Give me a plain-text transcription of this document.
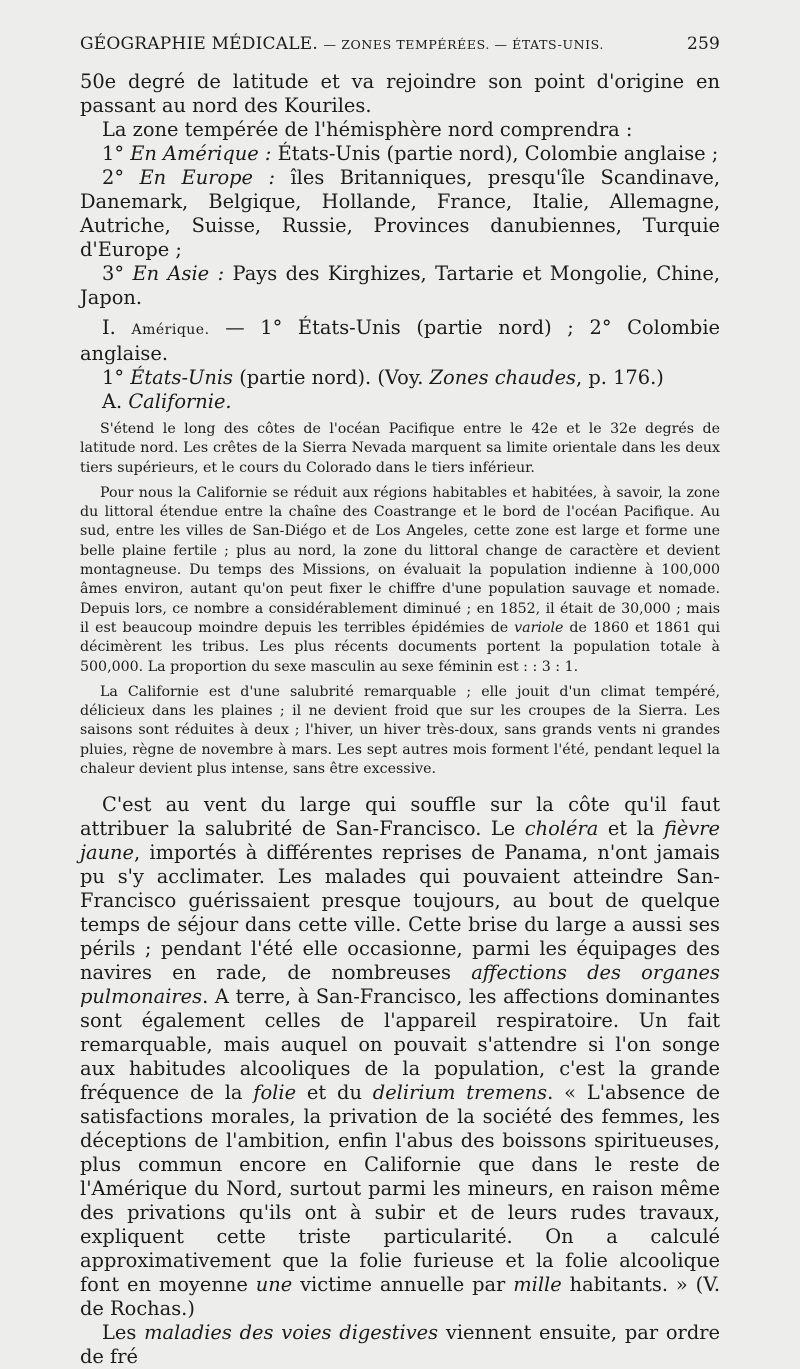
GÉOGRAPHIE MÉDICALE. — ZONES TEMPÉRÉES. — ÉTATS-UNIS.	259

50e degré de latitude et va rejoindre son point d'origine en passant au nord des Kouriles.

La zone tempérée de l'hémisphère nord comprendra :

1° En Amérique : États-Unis (partie nord), Colombie anglaise ;

2° En Europe : îles Britanniques, presqu'île Scandinave, Danemark, Belgique, Hollande, France, Italie, Allemagne, Autriche, Suisse, Russie, Provinces danubiennes, Turquie d'Europe ;

3° En Asie : Pays des Kirghizes, Tartarie et Mongolie, Chine, Japon.

I. Amérique. — 1° États-Unis (partie nord) ; 2° Colombie anglaise.

1° États-Unis (partie nord). (Voy. Zones chaudes, p. 176.)

A. Californie.

S'étend le long des côtes de l'océan Pacifique entre le 42e et le 32e degrés de latitude nord. Les crêtes de la Sierra Nevada marquent sa limite orientale dans les deux tiers supérieurs, et le cours du Colorado dans le tiers inférieur.

Pour nous la Californie se réduit aux régions habitables et habitées, à savoir, la zone du littoral étendue entre la chaîne des Coastrange et le bord de l'océan Pacifique. Au sud, entre les villes de San-Diégo et de Los Angeles, cette zone est large et forme une belle plaine fertile ; plus au nord, la zone du littoral change de caractère et devient montagneuse. Du temps des Missions, on évaluait la population indienne à 100,000 âmes environ, autant qu'on peut fixer le chiffre d'une population sauvage et nomade. Depuis lors, ce nombre a considérablement diminué ; en 1852, il était de 30,000 ; mais il est beaucoup moindre depuis les terribles épidémies de variole de 1860 et 1861 qui décimèrent les tribus. Les plus récents documents portent la population totale à 500,000. La proportion du sexe masculin au sexe féminin est : : 3 : 1.

La Californie est d'une salubrité remarquable ; elle jouit d'un climat tempéré, délicieux dans les plaines ; il ne devient froid que sur les croupes de la Sierra. Les saisons sont réduites à deux ; l'hiver, un hiver très-doux, sans grands vents ni grandes pluies, règne de novembre à mars. Les sept autres mois forment l'été, pendant lequel la chaleur devient plus intense, sans être excessive.

C'est au vent du large qui souffle sur la côte qu'il faut attribuer la salubrité de San-Francisco. Le choléra et la fièvre jaune, importés à différentes reprises de Panama, n'ont jamais pu s'y acclimater. Les malades qui pouvaient atteindre San-Francisco guérissaient presque toujours, au bout de quelque temps de séjour dans cette ville. Cette brise du large a aussi ses périls ; pendant l'été elle occasionne, parmi les équipages des navires en rade, de nombreuses affections des organes pulmonaires. A terre, à San-Francisco, les affections dominantes sont également celles de l'appareil respiratoire. Un fait remarquable, mais auquel on pouvait s'attendre si l'on songe aux habitudes alcooliques de la population, c'est la grande fréquence de la folie et du delirium tremens. « L'absence de satisfactions morales, la privation de la société des femmes, les déceptions de l'ambition, enfin l'abus des boissons spiritueuses, plus commun encore en Californie que dans le reste de l'Amérique du Nord, surtout parmi les mineurs, en raison même des privations qu'ils ont à subir et de leurs rudes travaux, expliquent cette triste particularité. On a calculé approximativement que la folie furieuse et la folie alcoolique font en moyenne une victime annuelle par mille habitants. » (V. de Rochas.)

Les maladies des voies digestives viennent ensuite, par ordre de fré
